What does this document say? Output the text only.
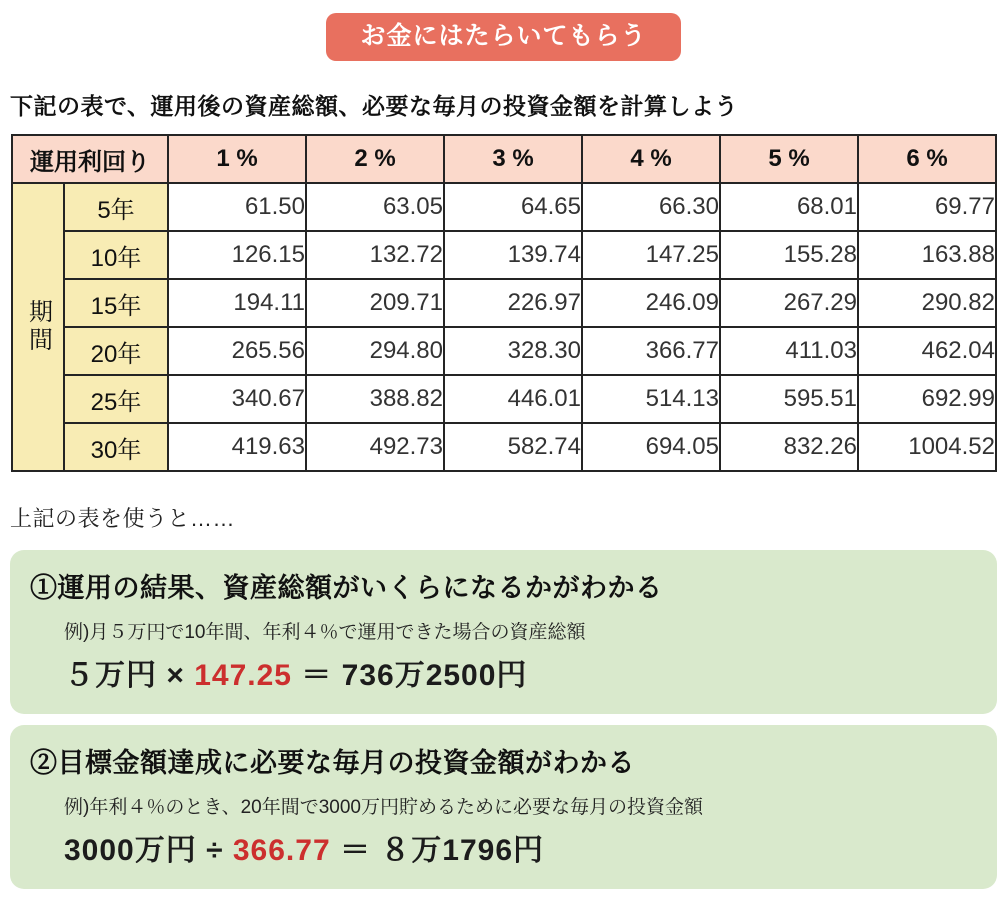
お金にはたらいてもらう
下記の表で、運用後の資産総額、必要な毎月の投資金額を計算しよう
運用利回り		1 %	2 %	3 %	4 %	5 %	6 %
期間	5年	61.50	63.05	64.65	66.30	68.01	69.77
	10年	126.15	132.72	139.74	147.25	155.28	163.88
	15年	194.11	209.71	226.97	246.09	267.29	290.82
	20年	265.56	294.80	328.30	366.77	411.03	462.04
	25年	340.67	388.82	446.01	514.13	595.51	692.99
	30年	419.63	492.73	582.74	694.05	832.26	1004.52
上記の表を使うと……
①運用の結果、資産総額がいくらになるかがわかる
例)月５万円で10年間、年利４％で運用できた場合の資産総額
５万円 × 147.25 ＝ 736万2500円
②目標金額達成に必要な毎月の投資金額がわかる
例)年利４％のとき、20年間で3000万円貯めるために必要な毎月の投資金額
3000万円 ÷ 366.77 ＝ ８万1796円
